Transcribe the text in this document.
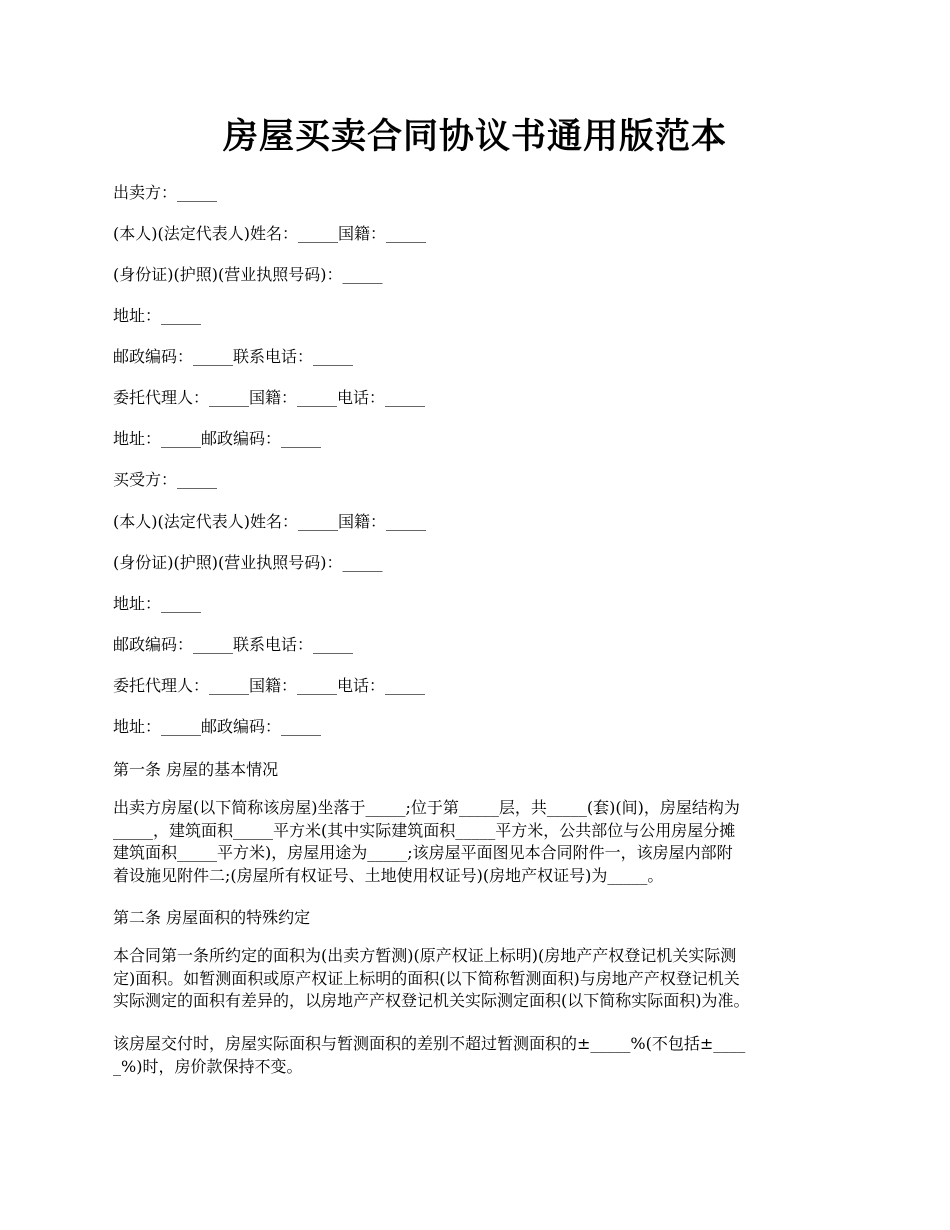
房屋买卖合同协议书通用版范本

出卖方：_____

(本人)(法定代表人)姓名：_____国籍：_____

(身份证)(护照)(营业执照号码)：_____

地址：_____

邮政编码：_____联系电话：_____

委托代理人：_____国籍：_____电话：_____

地址：_____邮政编码：_____

买受方：_____

(本人)(法定代表人)姓名：_____国籍：_____

(身份证)(护照)(营业执照号码)：_____

地址：_____

邮政编码：_____联系电话：_____

委托代理人：_____国籍：_____电话：_____

地址：_____邮政编码：_____

第一条 房屋的基本情况

出卖方房屋(以下简称该房屋)坐落于_____;位于第_____层，共_____(套)(间)，房屋结构为
_____，建筑面积_____平方米(其中实际建筑面积_____平方米，公共部位与公用房屋分摊
建筑面积_____平方米)，房屋用途为_____;该房屋平面图见本合同附件一，该房屋内部附
着设施见附件二;(房屋所有权证号、土地使用权证号)(房地产权证号)为_____。

第二条 房屋面积的特殊约定

本合同第一条所约定的面积为(出卖方暂测)(原产权证上标明)(房地产产权登记机关实际测
定)面积。如暂测面积或原产权证上标明的面积(以下简称暂测面积)与房地产产权登记机关
实际测定的面积有差异的，以房地产产权登记机关实际测定面积(以下简称实际面积)为准。
该房屋交付时，房屋实际面积与暂测面积的差别不超过暂测面积的±_____%(不包括±____
_%)时，房价款保持不变。
